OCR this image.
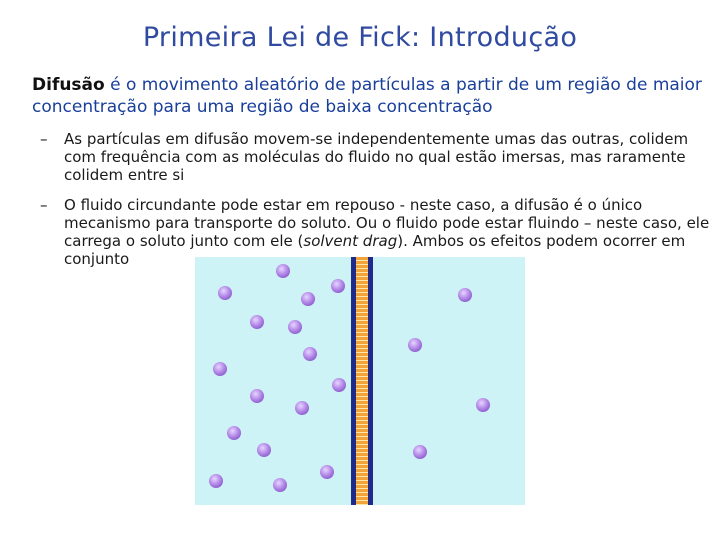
Primeira Lei de Fick: Introdução
Difusão é o movimento aleatório de partículas a partir de um região de maior concentração para uma região de baixa concentração
– As partículas em difusão movem-se independentemente umas das outras, colidem com frequência com as moléculas do fluido no qual estão imersas, mas raramente colidem entre si
– O fluido circundante pode estar em repouso - neste caso, a difusão é o único mecanismo para transporte do soluto. Ou o fluido pode estar fluindo – neste caso, ele carrega o soluto junto com ele (solvent drag). Ambos os efeitos podem ocorrer em conjunto
